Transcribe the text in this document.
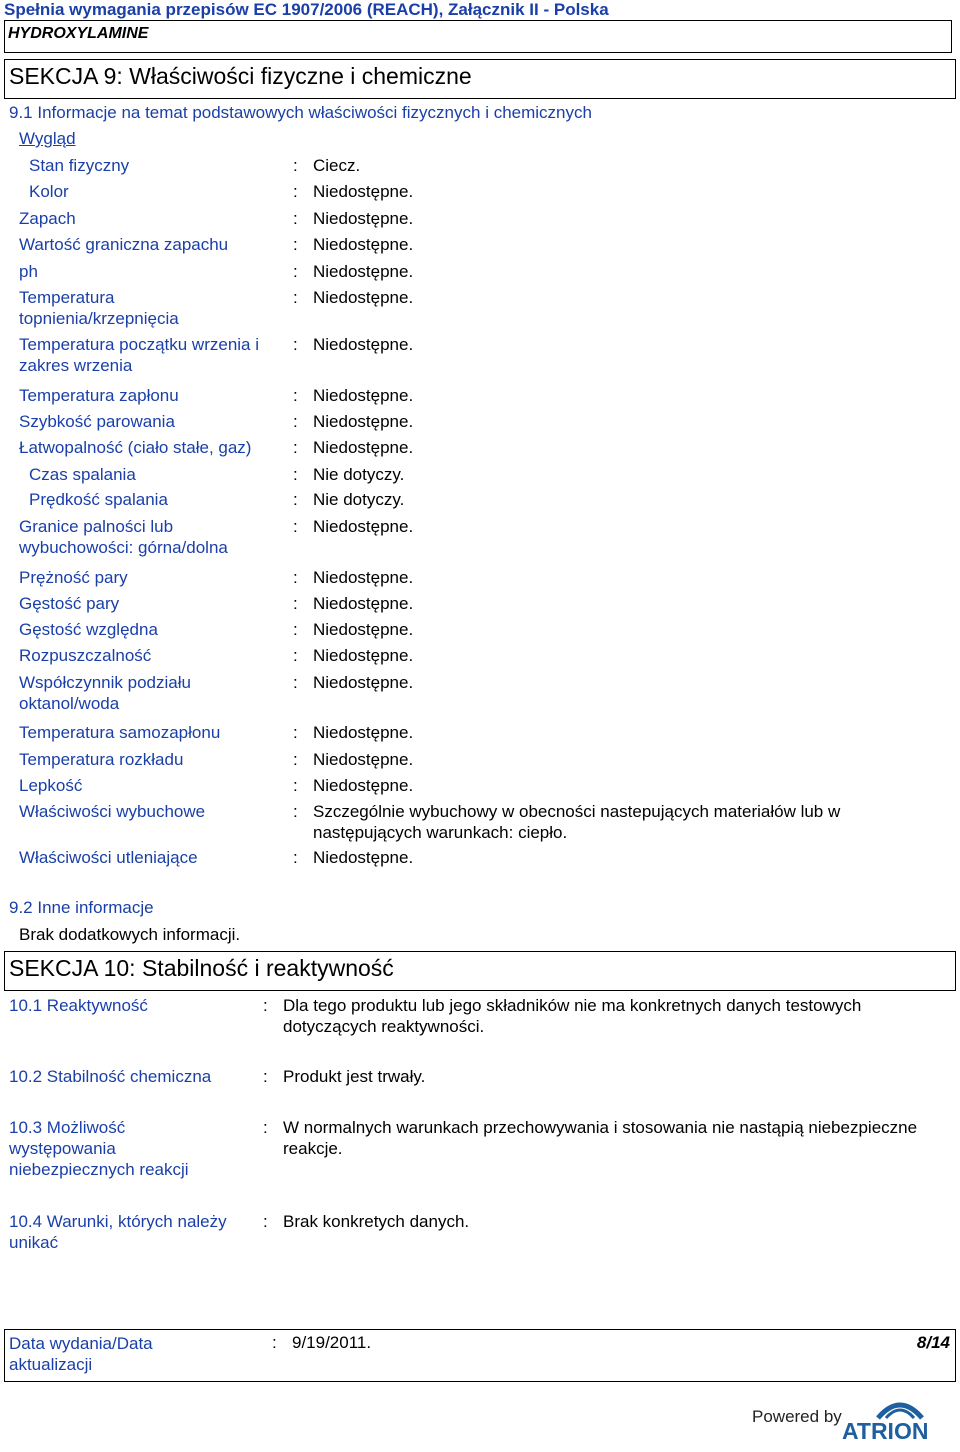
Spełnia wymagania przepisów EC 1907/2006 (REACH), Załącznik II - Polska
HYDROXYLAMINE
SEKCJA 9: Właściwości fizyczne i chemiczne
9.1 Informacje na temat podstawowych właściwości fizycznych i chemicznych
Wygląd
Stan fizyczny	: Ciecz.
Kolor	: Niedostępne.
Zapach	: Niedostępne.
Wartość graniczna zapachu	: Niedostępne.
ph	: Niedostępne.
Temperatura topnienia/krzepnięcia
: Niedostępne.
Temperatura początku wrzenia i zakres wrzenia
: Niedostępne.
Temperatura zapłonu	: Niedostępne.
Szybkość parowania	: Niedostępne.
Łatwopalność (ciało stałe, gaz) : Niedostępne.
Czas spalania	: Nie dotyczy.
Prędkość spalania	: Nie dotyczy.
Granice palności lub wybuchowości: górna/dolna
: Niedostępne.
Prężność pary	: Niedostępne.
Gęstość pary	: Niedostępne.
Gęstość względna	: Niedostępne.
Rozpuszczalność	: Niedostępne.
Współczynnik podziału oktanol/woda
: Niedostępne.
Temperatura samozapłonu	: Niedostępne.
Temperatura rozkładu	: Niedostępne.
Lepkość	: Niedostępne.
Właściwości wybuchowe	: Szczególnie wybuchowy w obecności nastepujących materiałów lub w następujących warunkach: ciepło.
Właściwości utleniające	: Niedostępne.
9.2 Inne informacje
Brak dodatkowych informacji.
SEKCJA 10: Stabilność i reaktywność
10.1 Reaktywność	: Dla tego produktu lub jego składników nie ma konkretnych danych testowych dotyczących reaktywności.
10.2 Stabilność chemiczna	: Produkt jest trwały.
10.3 Możliwość występowania niebezpiecznych reakcji
: W normalnych warunkach przechowywania i stosowania nie nastąpią niebezpieczne reakcje.
10.4 Warunki, których należy unikać
: Brak konkretych danych.
Data wydania/Data aktualizacji
: 9/19/2011.	8/14
Powered by
ATRION
